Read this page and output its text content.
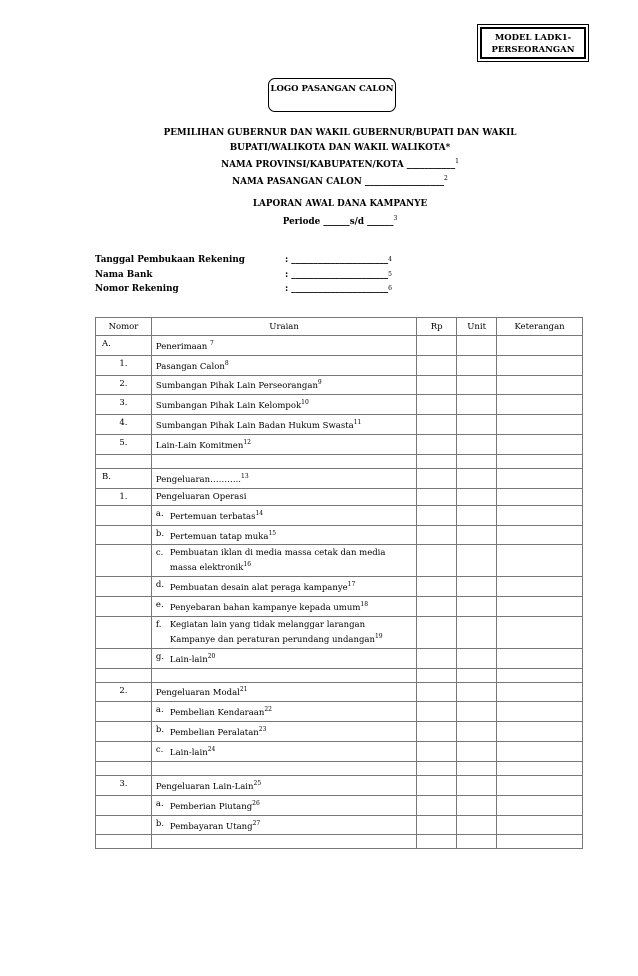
MODEL LADK1-PERSEORANGAN
LOGO PASANGAN CALON
PEMILIHAN GUBERNUR DAN WAKIL GUBERNUR/BUPATI DAN WAKIL
BUPATI/WALIKOTA DAN WAKIL WALIKOTA*
NAMA PROVINSI/KABUPATEN/KOTA ___________$^1$
NAMA PASANGAN CALON __________________$^2$
LAPORAN AWAL DANA KAMPANYE
Periode ______s/d ______$^3$
Tanggal Pembukaan Rekening	: ______________________ 4
Nama Bank	: ______________________ 5
Nomor Rekening	: ______________________ 6
Nomor	Uraian	Rp	Unit	Keterangan
A.	Penerimaan $^7$

1.	Pasangan Calon$^8$

2.	Sumbangan Pihak Lain Perseorangan$^9$

3.	Sumbangan Pihak Lain Kelompok$^{10}$

4.	Sumbangan Pihak Lain Badan Hukum Swasta$^{11}$

5.	Lain-Lain Komitmen$^{12}$

B.	Pengeluaran………..$^{13}$

1.	Pengeluaran Operasi			

	a. Pertemuan terbatas$^{14}$

	b. Pertemuan tatap muka$^{15}$

	c. Pembuatan iklan di media massa cetak dan media massa elektronik$^{16}$

	d. Pembuatan desain alat peraga kampanye$^{17}$

	e. Penyebaran bahan kampanye kepada umum$^{18}$

	f. Kegiatan lain yang tidak melanggar larangan Kampanye dan peraturan perundang undangan$^{19}$

	g. Lain-lain$^{20}$

2.	Pengeluaran Modal$^{21}$

	a. Pembelian Kendaraan$^{22}$

	b. Pembelian Peralatan$^{23}$

	c. Lain-lain$^{24}$

3.	Pengeluaran Lain-Lain$^{25}$

	a. Pemberian Piutang$^{26}$

	b. Pembayaran Utang$^{27}$
